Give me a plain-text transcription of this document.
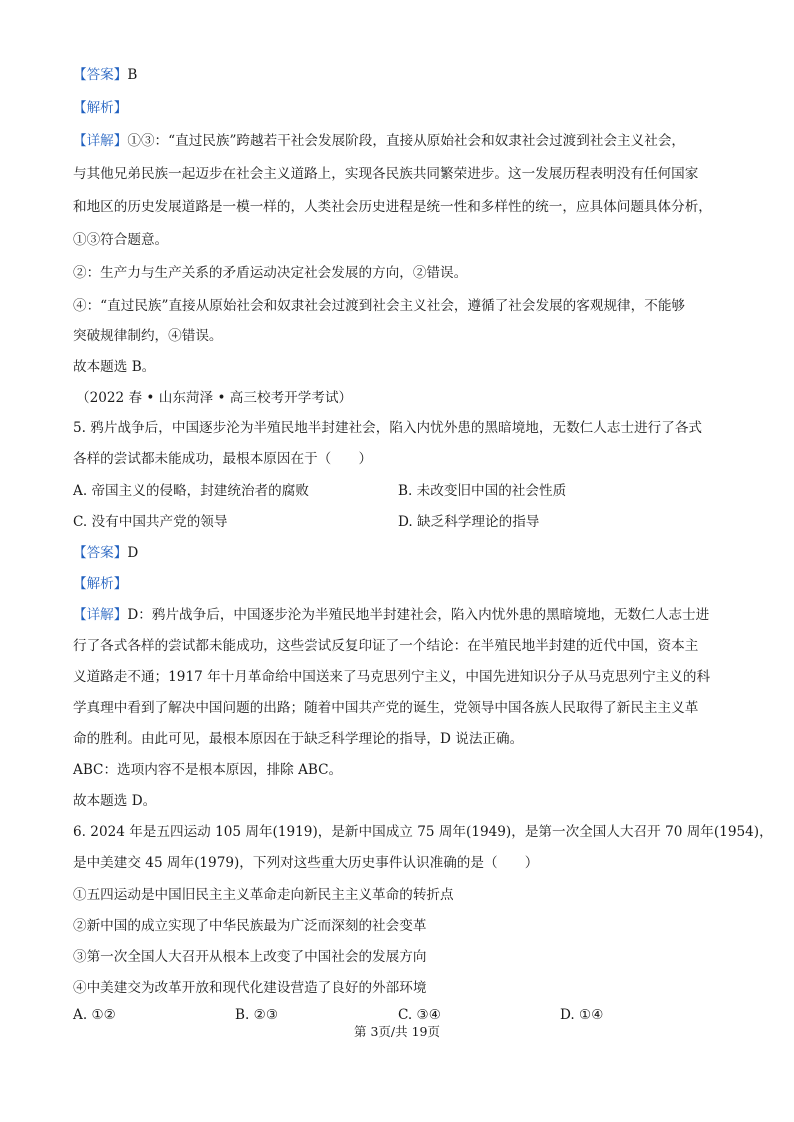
【答案】B
【解析】
【详解】①③：“直过民族”跨越若干社会发展阶段，直接从原始社会和奴隶社会过渡到社会主义社会，
与其他兄弟民族一起迈步在社会主义道路上，实现各民族共同繁荣进步。这一发展历程表明没有任何国家
和地区的历史发展道路是一模一样的，人类社会历史进程是统一性和多样性的统一，应具体问题具体分析，
①③符合题意。
②：生产力与生产关系的矛盾运动决定社会发展的方向，②错误。
④：“直过民族”直接从原始社会和奴隶社会过渡到社会主义社会，遵循了社会发展的客观规律，不能够
突破规律制约，④错误。
故本题选 B。
（2022 春 • 山东菏泽 • 高三校考开学考试）
5. 鸦片战争后，中国逐步沦为半殖民地半封建社会，陷入内忧外患的黑暗境地，无数仁人志士进行了各式
各样的尝试都未能成功，最根本原因在于（　　）
A. 帝国主义的侵略，封建统治者的腐败	B. 未改变旧中国的社会性质
C. 没有中国共产党的领导	D. 缺乏科学理论的指导
【答案】D
【解析】
【详解】D：鸦片战争后，中国逐步沦为半殖民地半封建社会，陷入内忧外患的黑暗境地，无数仁人志士进
行了各式各样的尝试都未能成功，这些尝试反复印证了一个结论：在半殖民地半封建的近代中国，资本主
义道路走不通；1917 年十月革命给中国送来了马克思列宁主义，中国先进知识分子从马克思列宁主义的科
学真理中看到了解决中国问题的出路；随着中国共产党的诞生，党领导中国各族人民取得了新民主主义革
命的胜利。由此可见，最根本原因在于缺乏科学理论的指导，D 说法正确。
ABC：选项内容不是根本原因，排除 ABC。
故本题选 D。
6. 2024 年是五四运动 105 周年(1919)，是新中国成立 75 周年(1949)，是第一次全国人大召开 70 周年(1954)，
是中美建交 45 周年(1979)，下列对这些重大历史事件认识准确的是（　　）
①五四运动是中国旧民主主义革命走向新民主主义革命的转折点
②新中国的成立实现了中华民族最为广泛而深刻的社会变革
③第一次全国人大召开从根本上改变了中国社会的发展方向
④中美建交为改革开放和现代化建设营造了良好的外部环境
A. ①②	B. ②③	C. ③④	D. ①④
第 3页/共 19页
